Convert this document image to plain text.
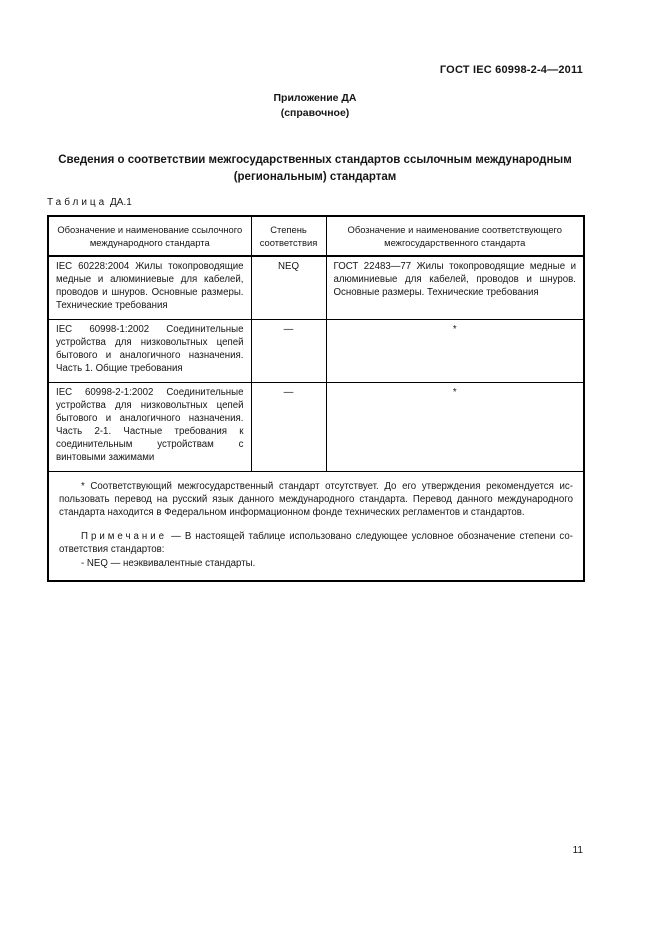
ГОСТ IEC 60998-2-4—2011
Приложение ДА
(справочное)
Сведения о соответствии межгосударственных стандартов ссылочным международным (региональным) стандартам
Таблица ДА.1
Обозначение и наименование ссылочного международного стандарта	Степень соответствия	Обозначение и наименование соответствующего межгосударственного стандарта
IEC 60228:2004 Жилы токопроводящие медные и алюминиевые для кабелей, проводов и шнуров. Основные размеры. Технические требования	NEQ	ГОСТ 22483—77 Жилы токопроводящие медные и алюминиевые для кабелей, проводов и шнуров. Основные размеры. Технические требования
IEC 60998-1:2002 Соединительные устройства для низковольтных цепей бытового и аналогичного назначения. Часть 1. Общие требования	—	*
IEC 60998-2-1:2002 Соединительные устройства для низковольтных цепей бытового и аналогичного назначения. Часть 2-1. Частные требования к соединительным устройствам с винтовыми зажимами	—	*

* Соответствующий межгосударственный стандарт отсутствует. До его утверждения рекомендуется использовать перевод на русский язык данного международного стандарта. Перевод данного международного стандарта находится в Федеральном информационном фонде технических регламентов и стандартов.
Примечание — В настоящей таблице использовано следующее условное обозначение степени соответствия стандартов:
- NEQ — неэквивалентные стандарты.		
11
